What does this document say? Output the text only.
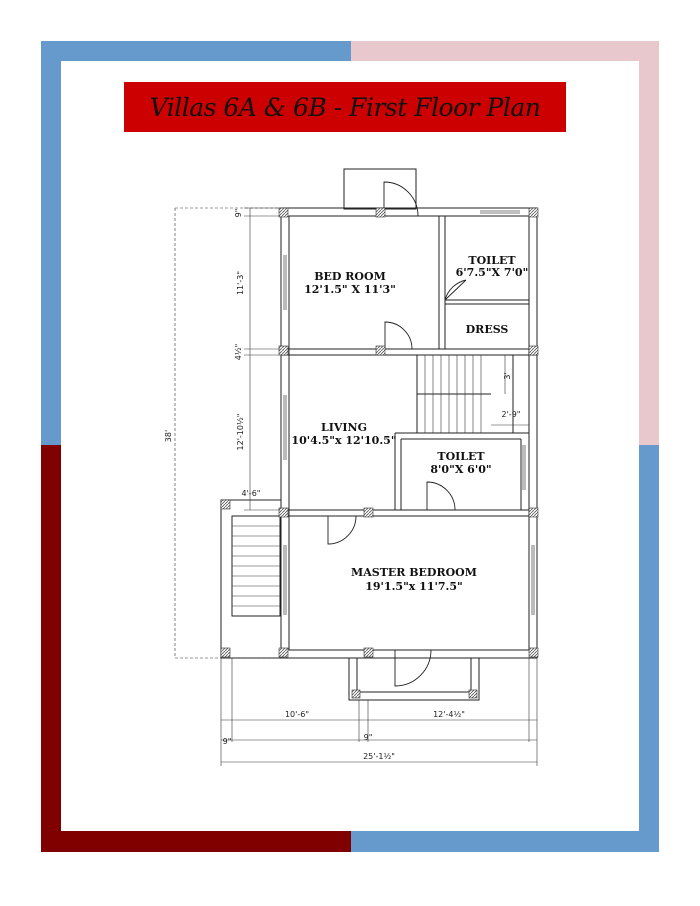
Villas 6A & 6B - First Floor Plan
BED ROOM
12'1.5" X 11'3"
TOILET
6'7.5"X 7'0"
DRESS
LIVING
10'4.5"x 12'10.5"
TOILET
8'0"X 6'0"
MASTER BEDROOM
19'1.5"x 11'7.5"
38'
9"
11'-3"
4½"
12'-10½"
4'-6"
3'
2'-9"
10'-6"	12'-4½"
9"	9"
25'-1½"
